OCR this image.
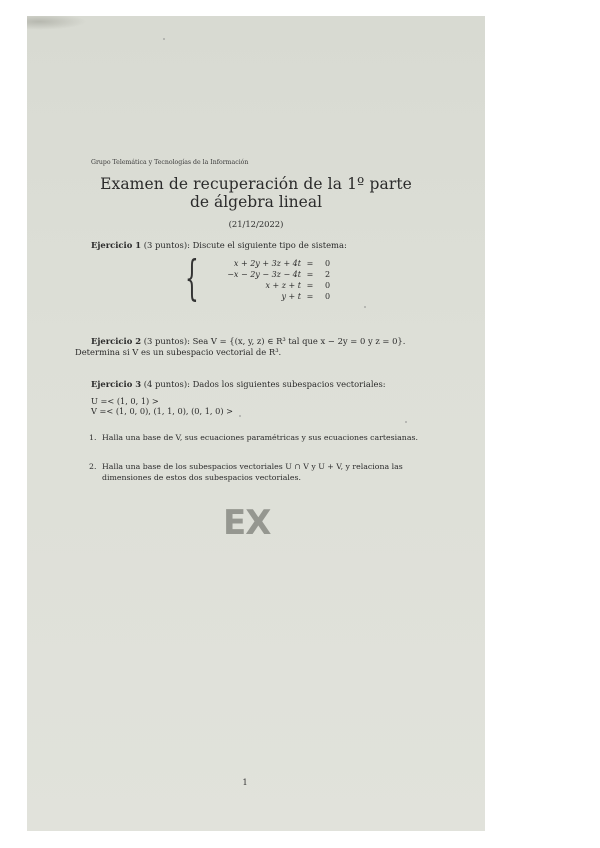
Grupo Telemática y Tecnologías de la Información
Examen de recuperación de la 1º parte
de álgebra lineal
(21/12/2022)
Ejercicio 1 (3 puntos): Discute el siguiente tipo de sistema:
{	x + 2y + 3z + 4t = 0
−x − 2y − 3z − 4t = 2
x + z + t = 0
y + t = 0
Ejercicio 2 (3 puntos): Sea V = {(x, y, z) ∈ R³ tal que x − 2y = 0 y z = 0}.
Determina si V es un subespacio vectorial de R³.
Ejercicio 3 (4 puntos): Dados los siguientes subespacios vectoriales:
U =< (1, 0, 1) >
V =< (1, 0, 0), (1, 1, 0), (0, 1, 0) >
1. Halla una base de V, sus ecuaciones paramétricas y sus ecuaciones cartesianas.
2. Halla una base de los subespacios vectoriales U ∩ V y U + V, y relaciona las dimensiones de estos dos subespacios vectoriales.
EX
1
